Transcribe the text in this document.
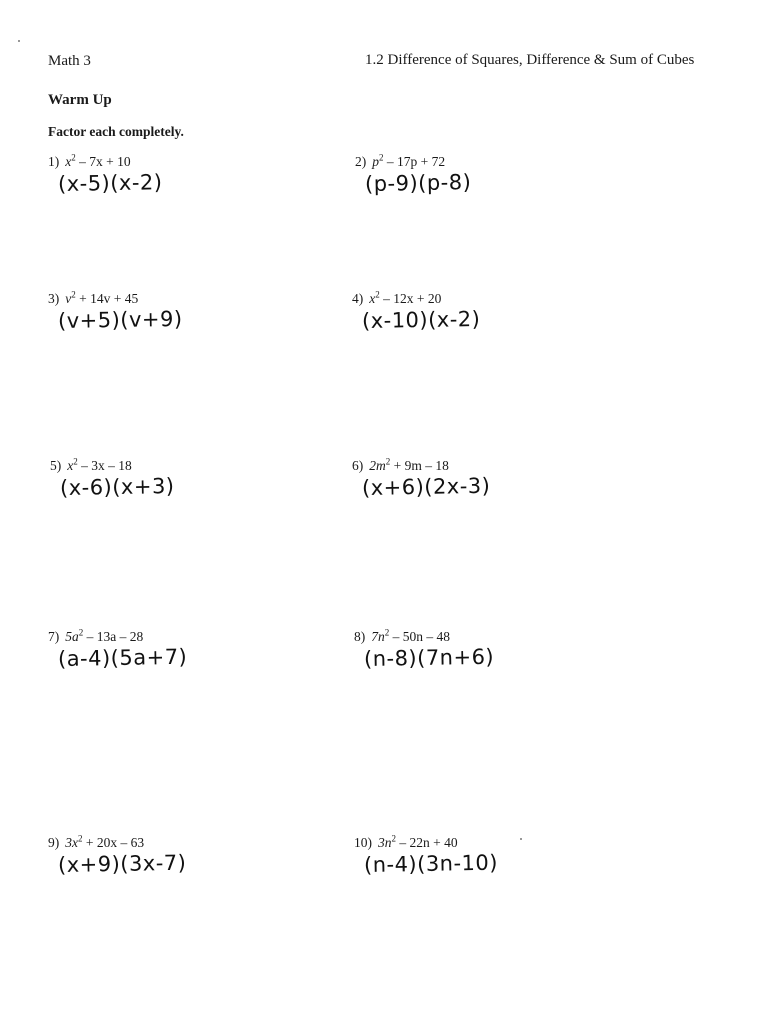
Math 3	1.2 Difference of Squares, Difference & Sum of Cubes
Warm Up
Factor each completely.
1) $x^2 - 7x + 10$
(x-5)(x-2)
2) $p^2 - 17p + 72$
(p-9)(p-8)
3) $v^2 + 14v + 45$
(v+5)(v+9)
4) $x^2 - 12x + 20$
(x-10)(x-2)
5) $x^2 - 3x - 18$
(x-6)(x+3)
6) $2m^2 + 9m - 18$
(x+6)(2x-3)
7) $5a^2 - 13a - 28$
(a-4)(5a+7)
8) $7n^2 - 50n - 48$
(n-8)(7n+6)
9) $3x^2 + 20x - 63$
(x+9)(3x-7)
10) $3n^2 - 22n + 40$
(n-4)(3n-10)
